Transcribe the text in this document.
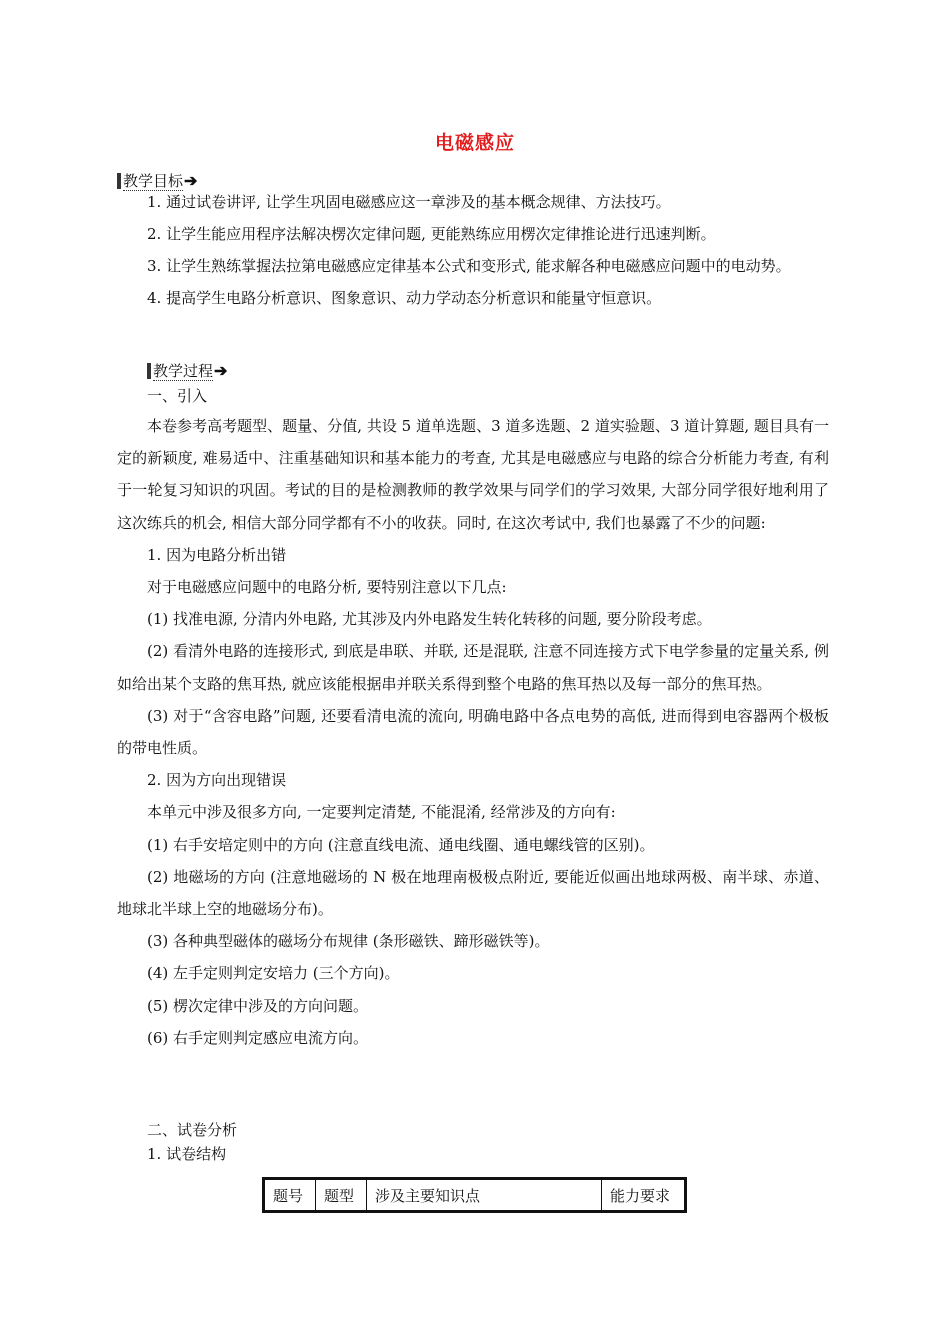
电磁感应
教学目标➔

1. 通过试卷讲评, 让学生巩固电磁感应这一章涉及的基本概念规律、方法技巧。

2. 让学生能应用程序法解决楞次定律问题, 更能熟练应用楞次定律推论进行迅速判断。

3. 让学生熟练掌握法拉第电磁感应定律基本公式和变形式, 能求解各种电磁感应问题中的电动势。

4. 提高学生电路分析意识、图象意识、动力学动态分析意识和能量守恒意识。

教学过程➔

一、引入

本卷参考高考题型、题量、分值, 共设 5 道单选题、3 道多选题、2 道实验题、3 道计算题, 题目具有一定的新颖度, 难易适中、注重基础知识和基本能力的考查, 尤其是电磁感应与电路的综合分析能力考查, 有利于一轮复习知识的巩固。考试的目的是检测教师的教学效果与同学们的学习效果, 大部分同学很好地利用了这次练兵的机会, 相信大部分同学都有不小的收获。同时, 在这次考试中, 我们也暴露了不少的问题:

1. 因为电路分析出错

对于电磁感应问题中的电路分析, 要特别注意以下几点:

(1) 找准电源, 分清内外电路, 尤其涉及内外电路发生转化转移的问题, 要分阶段考虑。

(2) 看清外电路的连接形式, 到底是串联、并联, 还是混联, 注意不同连接方式下电学参量的定量关系, 例如给出某个支路的焦耳热, 就应该能根据串并联关系得到整个电路的焦耳热以及每一部分的焦耳热。

(3) 对于“含容电路”问题, 还要看清电流的流向, 明确电路中各点电势的高低, 进而得到电容器两个极板的带电性质。

2. 因为方向出现错误

本单元中涉及很多方向, 一定要判定清楚, 不能混淆, 经常涉及的方向有:

(1) 右手安培定则中的方向 (注意直线电流、通电线圈、通电螺线管的区别)。

(2) 地磁场的方向 (注意地磁场的 N 极在地理南极极点附近, 要能近似画出地球两极、南半球、赤道、地球北半球上空的地磁场分布)。

(3) 各种典型磁体的磁场分布规律 (条形磁铁、蹄形磁铁等)。

(4) 左手定则判定安培力 (三个方向)。

(5) 楞次定律中涉及的方向问题。

(6) 右手定则判定感应电流方向。

二、试卷分析

1. 试卷结构

题号	题型	涉及主要知识点	能力要求
